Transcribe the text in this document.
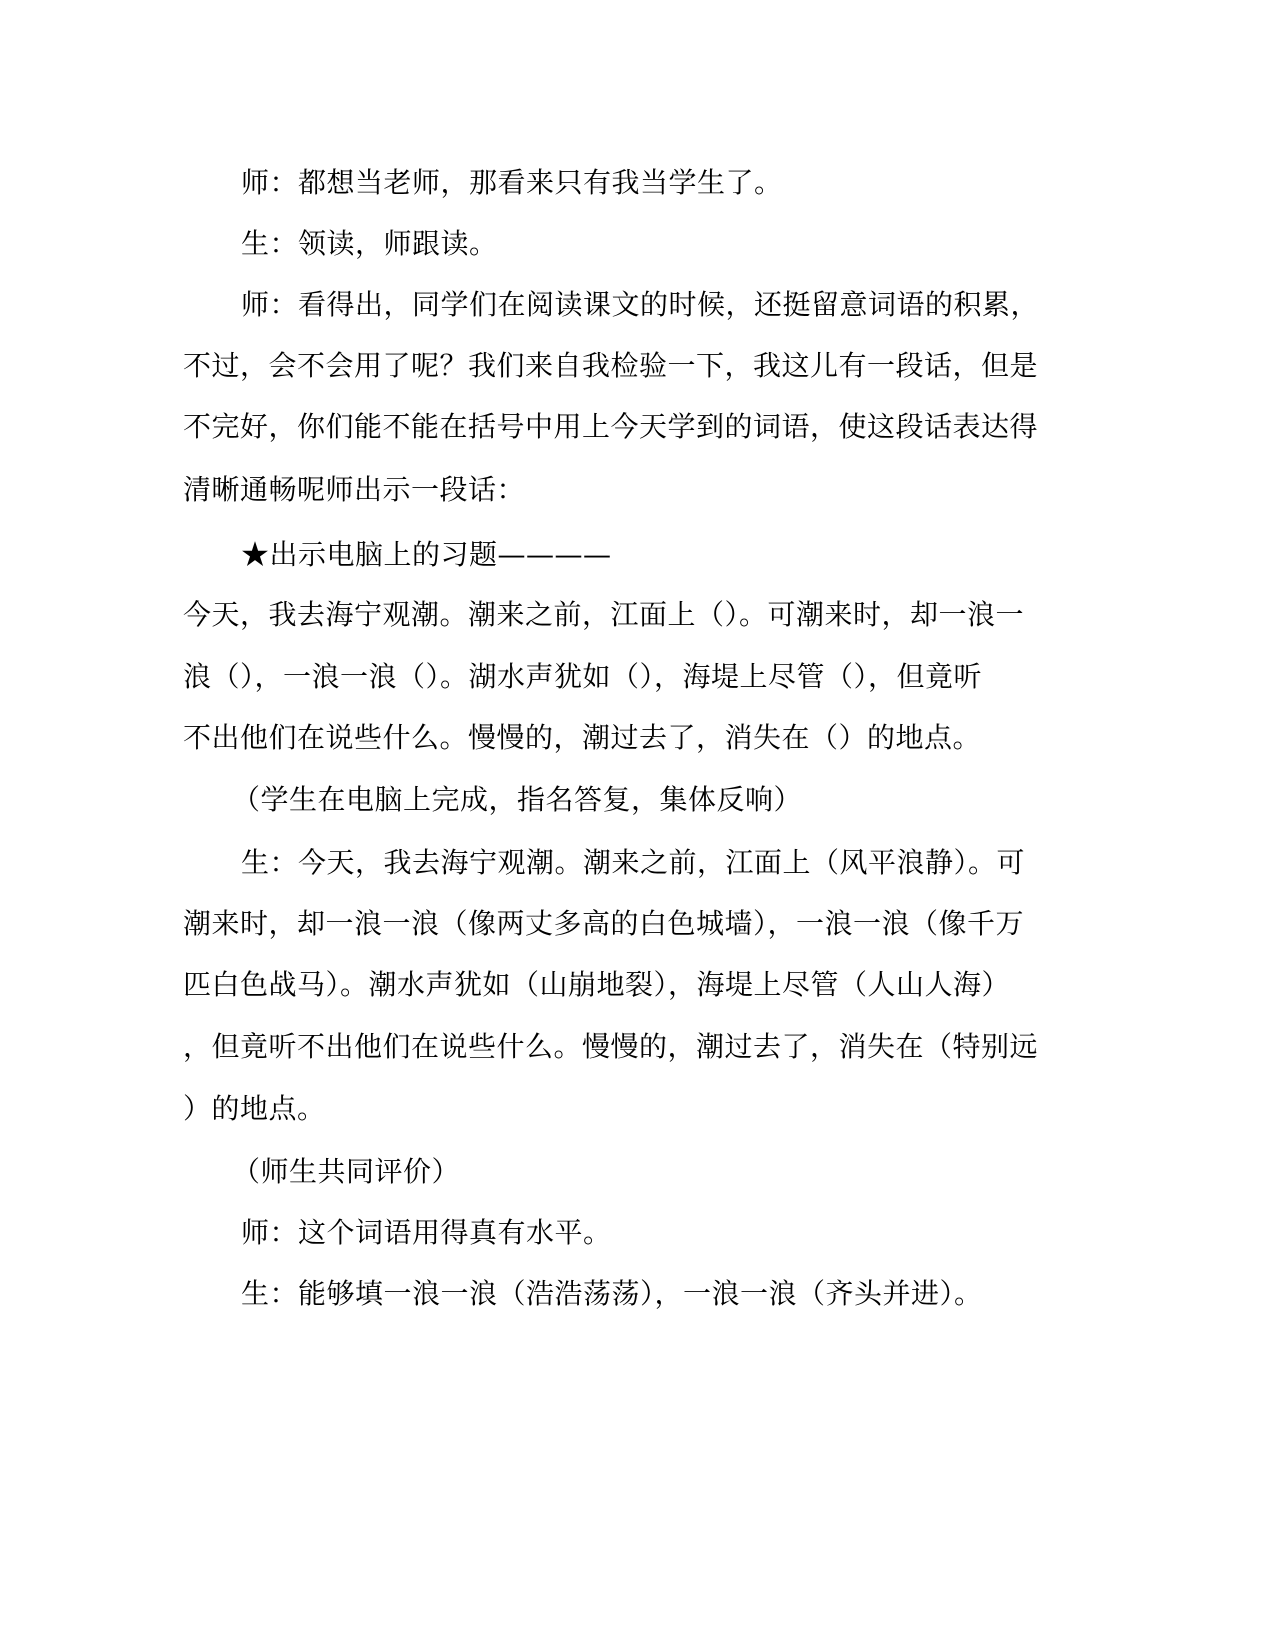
师：都想当老师，那看来只有我当学生了。
生：领读，师跟读。
师：看得出，同学们在阅读课文的时候，还挺留意词语的积累，
不过，会不会用了呢？我们来自我检验一下，我这儿有一段话，但是
不完好，你们能不能在括号中用上今天学到的词语，使这段话表达得
清晰通畅呢师出示一段话：
★出示电脑上的习题————
今天，我去海宁观潮。潮来之前，江面上（）。可潮来时，却一浪一
浪（），一浪一浪（）。湖水声犹如（），海堤上尽管（），但竟听
不出他们在说些什么。慢慢的，潮过去了，消失在（）的地点。
（学生在电脑上完成，指名答复，集体反响）
生：今天，我去海宁观潮。潮来之前，江面上（风平浪静）。可
潮来时，却一浪一浪（像两丈多高的白色城墙），一浪一浪（像千万
匹白色战马）。潮水声犹如（山崩地裂），海堤上尽管（人山人海）
，但竟听不出他们在说些什么。慢慢的，潮过去了，消失在（特别远
）的地点。
（师生共同评价）
师：这个词语用得真有水平。
生：能够填一浪一浪（浩浩荡荡），一浪一浪（齐头并进）。
